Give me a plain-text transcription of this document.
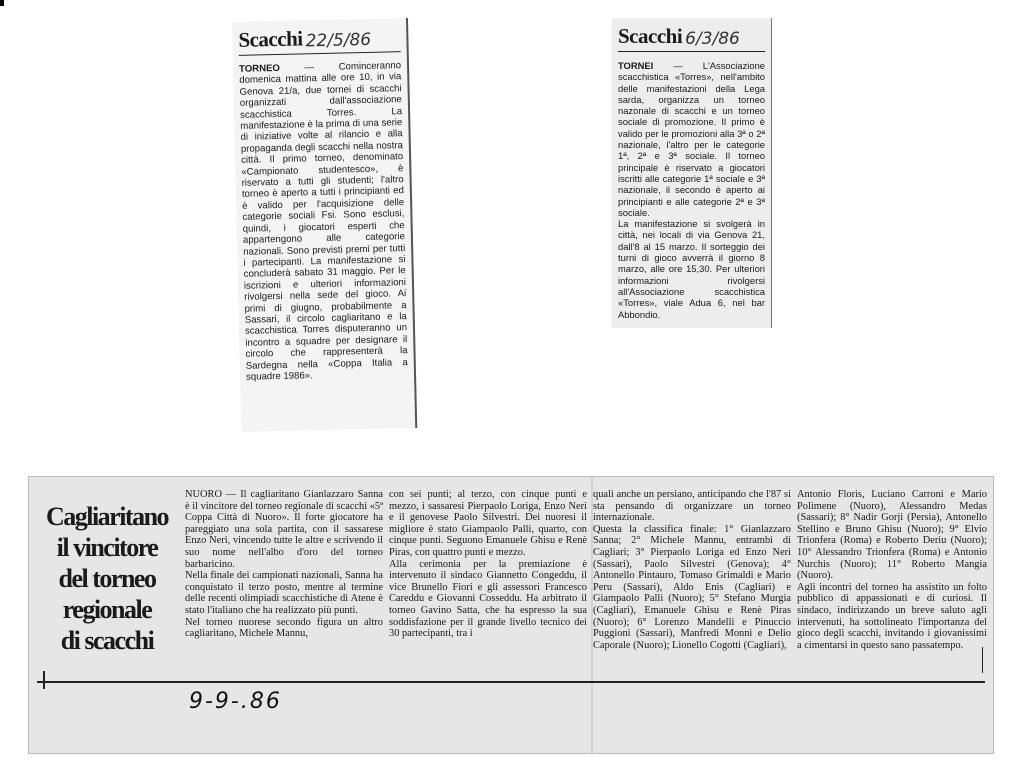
Scacchi 22/5/86

TORNEO — Cominceranno domenica mattina alle ore 10, in via Genova 21/a, due tornei di scacchi organizzati dall'associazione scacchistica Torres. La manifestazione è la prima di una serie di iniziative volte al rilancio e alla propaganda degli scacchi nella nostra città. Il primo torneo, denominato «Campionato studentesco», è riservato a tutti gli studenti; l'altro torneo è aperto a tutti i principianti ed è valido per l'acquisizione delle categorie sociali Fsi. Sono esclusi, quindi, i giocatori esperti che appartengono alle categorie nazionali. Sono previsti premi per tutti i partecipanti. La manifestazione si concluderà sabato 31 maggio. Per le iscrizioni e ulteriori informazioni rivolgersi nella sede del gioco. Ai primi di giugno, probabilmente a Sassari, il circolo cagliaritano e la scacchistica Torres disputeranno un incontro a squadre per designare il circolo che rappresenterà la Sardegna nella «Coppa Italia a squadre 1986».

Scacchi 6/3/86

TORNEI — L'Associazione scacchistica «Torres», nell'ambito delle manifestazioni della Lega sarda, organizza un torneo nazonale di scacchi e un torneo sociale di promozione. Il primo è valido per le promozioni alla 3ª o 2ª nazionale, l'altro per le categorie 1ª, 2ª e 3ª sociale. Il torneo principale è riservato a giocatori iscritti alle categorie 1ª sociale e 3ª nazionale, il secondo è aperto ai principianti e alle categorie 2ª e 3ª sociale.
La manifestazione si svolgerà in città, nei locali di via Genova 21, dall'8 al 15 marzo. Il sorteggio dei turni di gioco avverrà il giorno 8 marzo, alle ore 15,30. Per ulteriori informazioni rivolgersi all'Associazione scacchistica «Torres», viale Adua 6, nel bar Abbondio.

Cagliaritano
il vincitore
del torneo
regionale
di scacchi

NUORO — Il cagliaritano Gianlazzaro Sanna è il vincitore del torneo regionale di scacchi «5ª Coppa Città di Nuoro». Il forte giocatore ha pareggiato una sola partita, con il sassarese Enzo Neri, vincendo tutte le altre e scrivendo il suo nome nell'albo d'oro del torneo barbaricino.
Nella finale dei campionati nazionali, Sanna ha conquistato il terzo posto, mentre al termine delle recenti olimpiadi scacchistiche di Atene è stato l'italiano che ha realizzato più punti.
Nel torneo nuorese secondo figura un altro cagliaritano, Michele Mannu,

con sei punti; al terzo, con cinque punti e mezzo, i sassaresi Pierpaolo Loriga, Enzo Neri e il genovese Paolo Silvestri. Dei nuoresi il migliore è stato Giampaolo Palli, quarto, con cinque punti. Seguono Emanuele Ghisu e Renè Piras, con quattro punti e mezzo.
Alla cerimonia per la premiazione è intervenuto il sindaco Giannetto Congeddu, il vice Brunello Fiori e gli assessori Francesco Careddu e Giovanni Cosseddu. Ha arbitrato il torneo Gavino Satta, che ha espresso la sua soddisfazione per il grande livello tecnico dei 30 partecipanti, tra i

quali anche un persiano, anticipando che l'87 si sta pensando di organizzare un torneo internazionale.
Questa la classifica finale: 1° Gianlazzaro Sanna; 2° Michele Mannu, entrambi di Cagliari; 3° Pierpaolo Loriga ed Enzo Neri (Sassari), Paolo Silvestri (Genova); 4° Antonello Pintauro, Tomaso Grimaldi e Mario Peru (Sassari), Aldo Enis (Cagliari) e Giampaolo Palli (Nuoro); 5° Stefano Murgia (Cagliari), Emanuele Ghisu e Renè Piras (Nuoro); 6° Lorenzo Mandelli e Pinuccio Puggioni (Sassari), Manfredi Monni e Delio Caporale (Nuoro); Lionello Cogotti (Cagliari),

Antonio Floris, Luciano Carroni e Mario Polimene (Nuoro), Alessandro Medas (Sassari); 8° Nadir Gorji (Persia), Antonello Stellino e Bruno Ghisu (Nuoro); 9° Elvio Trionfera (Roma) e Roberto Deriu (Nuoro); 10° Alessandro Trionfera (Roma) e Antonio Nurchis (Nuoro); 11° Roberto Mangia (Nuoro).
Agli incontri del torneo ha assistito un folto pubblico di appassionati e di curiosi. Il sindaco, indirizzando un breve saluto agli intervenuti, ha sottolineato l'importanza del gioco degli scacchi, invitando i giovanissimi a cimentarsi in questo sano passatempo.

9-9-.86
